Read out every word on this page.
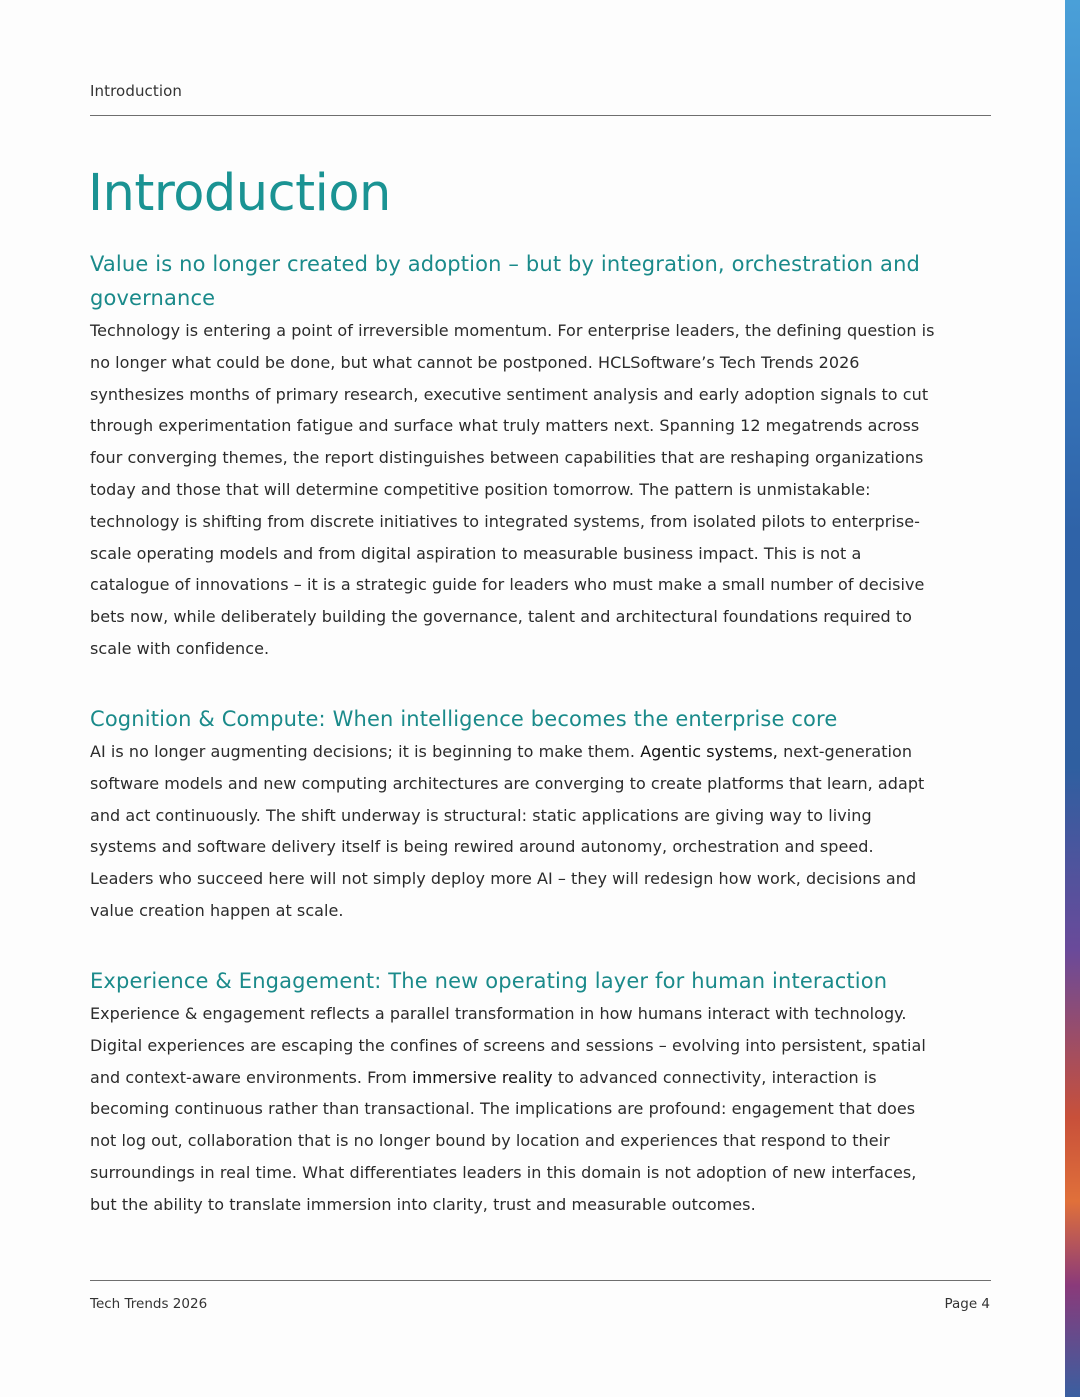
Introduction
Introduction
Value is no longer created by adoption – but by integration, orchestration and governance

Technology is entering a point of irreversible momentum. For enterprise leaders, the defining question is no longer what could be done, but what cannot be postponed. HCLSoftware’s Tech Trends 2026 synthesizes months of primary research, executive sentiment analysis and early adoption signals to cut through experimentation fatigue and surface what truly matters next. Spanning 12 megatrends across four converging themes, the report distinguishes between capabilities that are reshaping organizations today and those that will determine competitive position tomorrow. The pattern is unmistakable: technology is shifting from discrete initiatives to integrated systems, from isolated pilots to enterprise-scale operating models and from digital aspiration to measurable business impact. This is not a catalogue of innovations – it is a strategic guide for leaders who must make a small number of decisive bets now, while deliberately building the governance, talent and architectural foundations required to scale with confidence.

Cognition & Compute: When intelligence becomes the enterprise core

AI is no longer augmenting decisions; it is beginning to make them. Agentic systems, next-generation software models and new computing architectures are converging to create platforms that learn, adapt and act continuously. The shift underway is structural: static applications are giving way to living systems and software delivery itself is being rewired around autonomy, orchestration and speed. Leaders who succeed here will not simply deploy more AI – they will redesign how work, decisions and value creation happen at scale.

Experience & Engagement: The new operating layer for human interaction

Experience & engagement reflects a parallel transformation in how humans interact with technology. Digital experiences are escaping the confines of screens and sessions – evolving into persistent, spatial and context-aware environments. From immersive reality to advanced connectivity, interaction is becoming continuous rather than transactional. The implications are profound: engagement that does not log out, collaboration that is no longer bound by location and experiences that respond to their surroundings in real time. What differentiates leaders in this domain is not adoption of new interfaces, but the ability to translate immersion into clarity, trust and measurable outcomes.

Tech Trends 2026	Page 4
